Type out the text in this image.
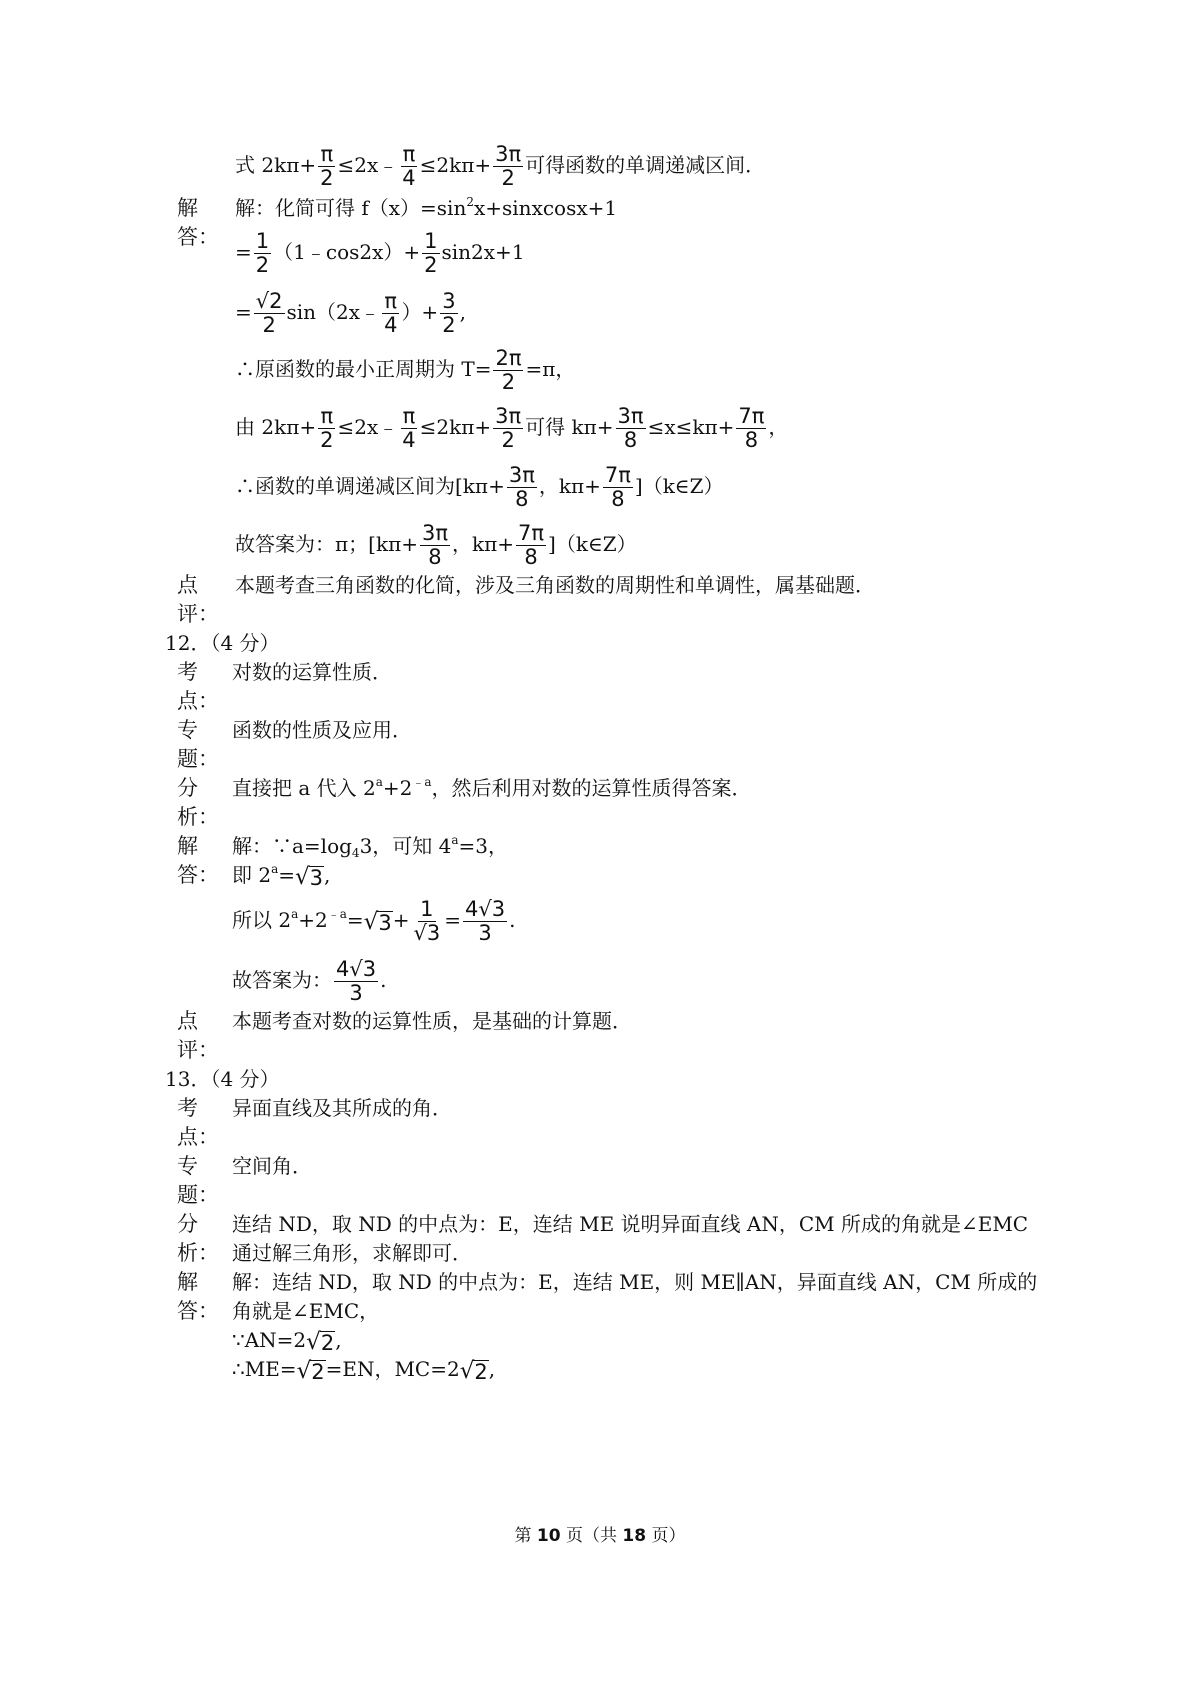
式 $2k\pi+ \frac{\pi}{2}$ ≤2x﹣ $\frac{\pi}{4} \le 2k\pi+ \frac{3\pi}{2}$ 可得函数的单调递减区间．
解
答：
解：化简可得 $f(x)=\sin^2x+sinxcosx+1$
= $\frac{1}{2}$ （1﹣cos2x）+ $\frac{1}{2} \sin 2x+1$
= $\frac{√2}{2}$ sin（2x﹣ $\frac{\pi}{4}$ ）+ $\frac{3}{2}$ ,
∴原函数的最小正周期为 $T= \frac{2\pi}{2} =\pi$，
由 $2k\pi+ \frac{\pi}{2}$ ≤2x﹣ $\frac{\pi}{4} \le 2k\pi+ \frac{3\pi}{2}$ 可得 $k\pi+ \frac{3\pi}{8} \le x\le k\pi+ \frac{7\pi}{8}$ ，
∴函数的单调递减区间为[$k\pi+ \frac{3\pi}{8}$ ，$k\pi+ \frac{7\pi}{8}$ ]（k∈Z）
故答案为：π；[$k\pi+ \frac{3\pi}{8}$ ，$k\pi+ \frac{7\pi}{8}$ ]（k∈Z）
点
评：
本题考查三角函数的化简，涉及三角函数的周期性和单调性，属基础题．
12．（4 分）
考
点：
对数的运算性质．
专
题：
函数的性质及应用．
分
析：
直接把 a 代入 $2^a+2^{﹣a}$，然后利用对数的运算性质得答案．
解
答：
解：$\because a=\log_43$，可知 $4^a=3$，
即 $2^a=$ √ 3 ,
所以 $2^a+2^{﹣a}=$ √ $3 + \frac{1}{√3} = \frac{4√3}{3}$ .
故答案为： $\frac{4√3}{3}$ .
点
评：
本题考查对数的运算性质，是基础的计算题．
13．（4 分）
考
点：
异面直线及其所成的角．
专
题：
空间角．
分
析：
连结 ND，取 ND 的中点为：E，连结 ME 说明异面直线 AN，CM 所成的角就是∠EMC
通过解三角形，求解即可．
解
答：
解：连结 ND，取 ND 的中点为：E，连结 ME，则 ME∥AN，异面直线 AN，CM 所成的
角就是∠EMC，
∵AN=2 √ 2 ,
∴ME= √ 2 =EN，MC=2 √ 2 ,
第 10 页（共 18 页）
